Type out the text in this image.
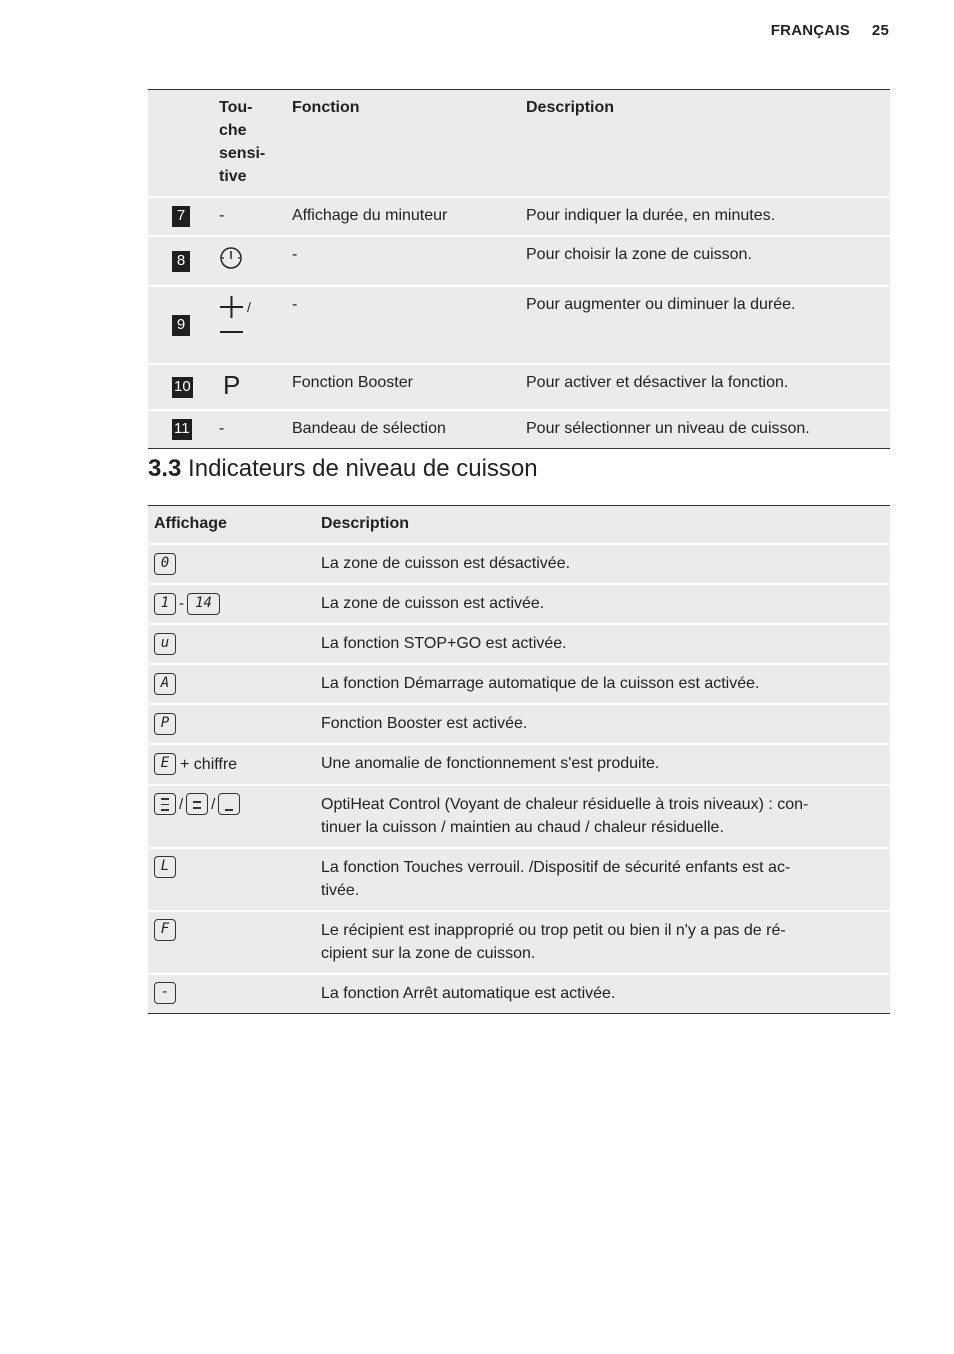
FRANÇAIS 25
	Tou-
che
sensi-
tive	Fonction	Description
7	-	Affichage du minuteur	Pour indiquer la durée, en minutes.
8		-	Pour choisir la zone de cuisson.
9	/	-	Pour augmenter ou diminuer la durée.
10	P	Fonction Booster	Pour activer et désactiver la fonction.
11	-	Bandeau de sélection	Pour sélectionner un niveau de cuisson.
3.3 Indicateurs de niveau de cuisson
Affichage	Description
0	La zone de cuisson est désactivée.
1 - 14	La zone de cuisson est activée.
u	La fonction STOP+GO est activée.
A	La fonction Démarrage automatique de la cuisson est activée.
P	Fonction Booster est activée.
E + chiffre	Une anomalie de fonctionnement s'est produite.

/ /	OptiHeat Control (Voyant de chaleur résiduelle à trois niveaux) : con-
tinuer la cuisson / maintien au chaud / chaleur résiduelle.
L	La fonction Touches verrouil. /Dispositif de sécurité enfants est ac-
tivée.
F	Le récipient est inapproprié ou trop petit ou bien il n'y a pas de ré-
cipient sur la zone de cuisson.
-	La fonction Arrêt automatique est activée.
